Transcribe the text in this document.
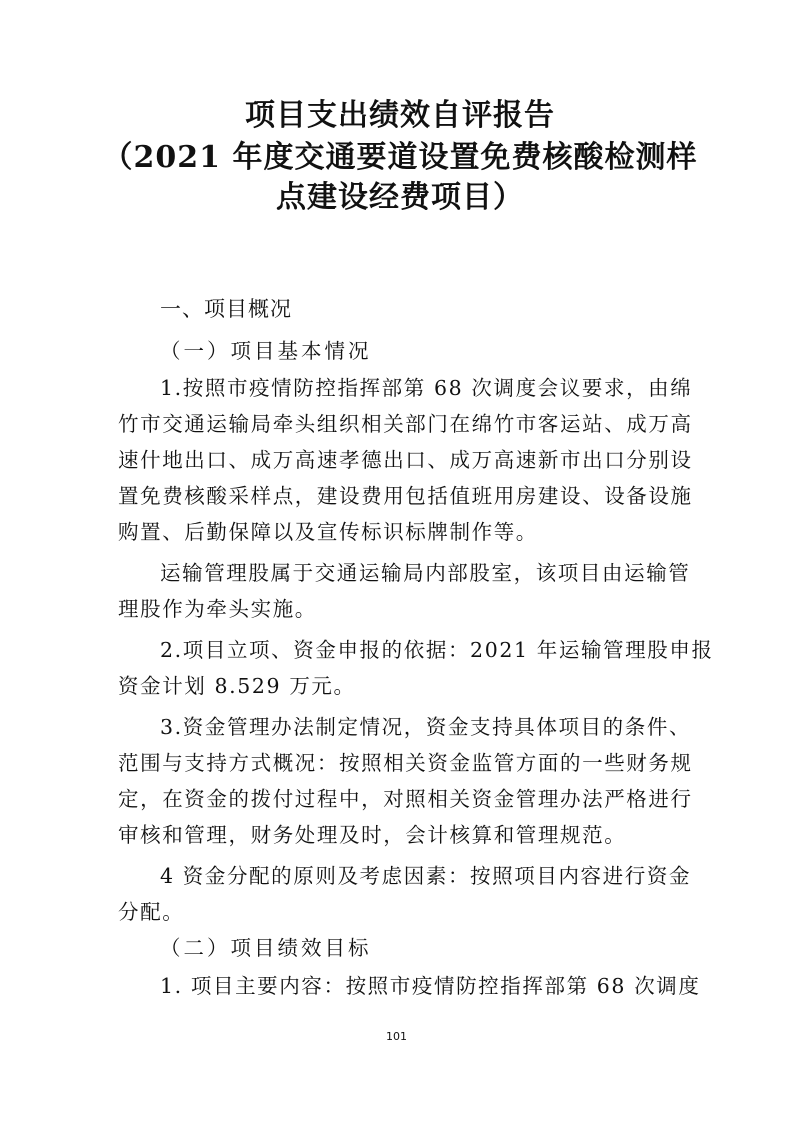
项目支出绩效自评报告
（2021 年度交通要道设置免费核酸检测样
点建设经费项目）
一、项目概况
（一）项目基本情况
1.按照市疫情防控指挥部第 68 次调度会议要求，由绵
竹市交通运输局牵头组织相关部门在绵竹市客运站、成万高
速什地出口、成万高速孝德出口、成万高速新市出口分别设
置免费核酸采样点，建设费用包括值班用房建设、设备设施
购置、后勤保障以及宣传标识标牌制作等。
运输管理股属于交通运输局内部股室，该项目由运输管
理股作为牵头实施。
2.项目立项、资金申报的依据：2021 年运输管理股申报
资金计划 8.529 万元。
3.资金管理办法制定情况，资金支持具体项目的条件、
范围与支持方式概况：按照相关资金监管方面的一些财务规
定，在资金的拨付过程中，对照相关资金管理办法严格进行
审核和管理，财务处理及时，会计核算和管理规范。
4 资金分配的原则及考虑因素：按照项目内容进行资金
分配。
（二）项目绩效目标
1. 项目主要内容：按照市疫情防控指挥部第 68 次调度
101
